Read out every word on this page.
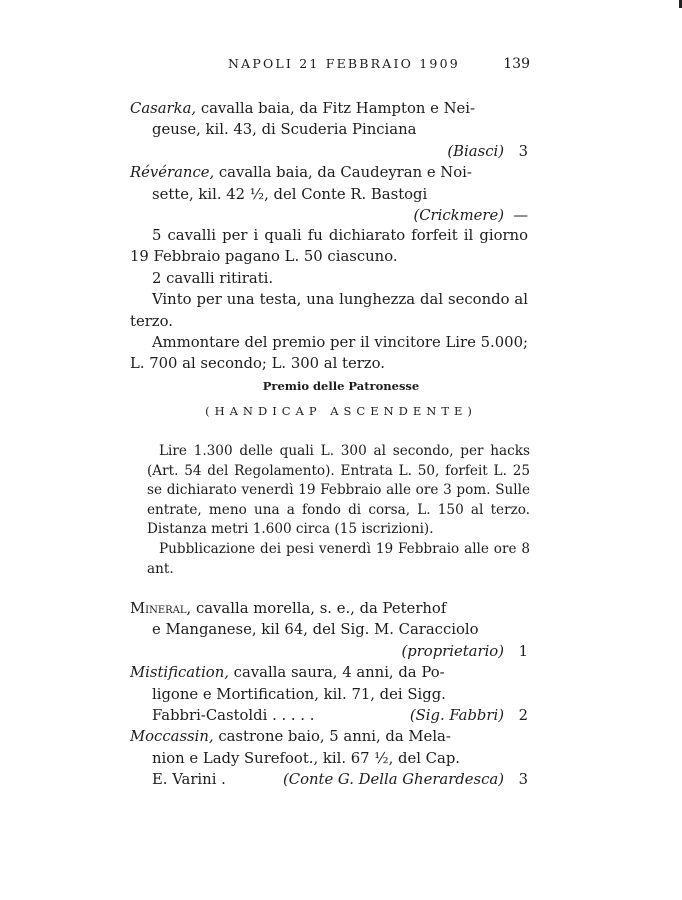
NAPOLI 21 FEBBRAIO 1909	139
Casarka, cavalla baia, da Fitz Hampton e Nei-
geuse, kil. 43, di Scuderia Pinciana
(Biasci) 3
Révérance, cavalla baia, da Caudeyran e Noi-
sette, kil. 42 ½, del Conte R. Bastogi
(Crickmere) —

5 cavalli per i quali fu dichiarato forfeit il giorno 19 Febbraio pagano L. 50 ciascuno.

2 cavalli ritirati.

Vinto per una testa, una lunghezza dal secondo al terzo.

Ammontare del premio per il vincitore Lire 5.000; L. 700 al secondo; L. 300 al terzo.

Premio delle Patronesse
(HANDICAP ASCENDENTE)

Lire 1.300 delle quali L. 300 al secondo, per hacks (Art. 54 del Regolamento). Entrata L. 50, forfeit L. 25 se dichiarato venerdì 19 Febbraio alle ore 3 pom. Sulle entrate, meno una a fondo di corsa, L. 150 al terzo. Distanza metri 1.600 circa (15 iscrizioni).

Pubblicazione dei pesi venerdì 19 Febbraio alle ore 8 ant.

Mineral, cavalla morella, s. e., da Peterhof
e Manganese, kil 64, del Sig. M. Caracciolo
(proprietario) 1
Mistification, cavalla saura, 4 anni, da Po-
ligone e Mortification, kil. 71, dei Sigg.
Fabbri-Castoldi . . . . .	(Sig. Fabbri) 2
Moccassin, castrone baio, 5 anni, da Mela-
nion e Lady Surefoot., kil. 67 ½, del Cap.
E. Varini .	(Conte G. Della Gherardesca) 3
